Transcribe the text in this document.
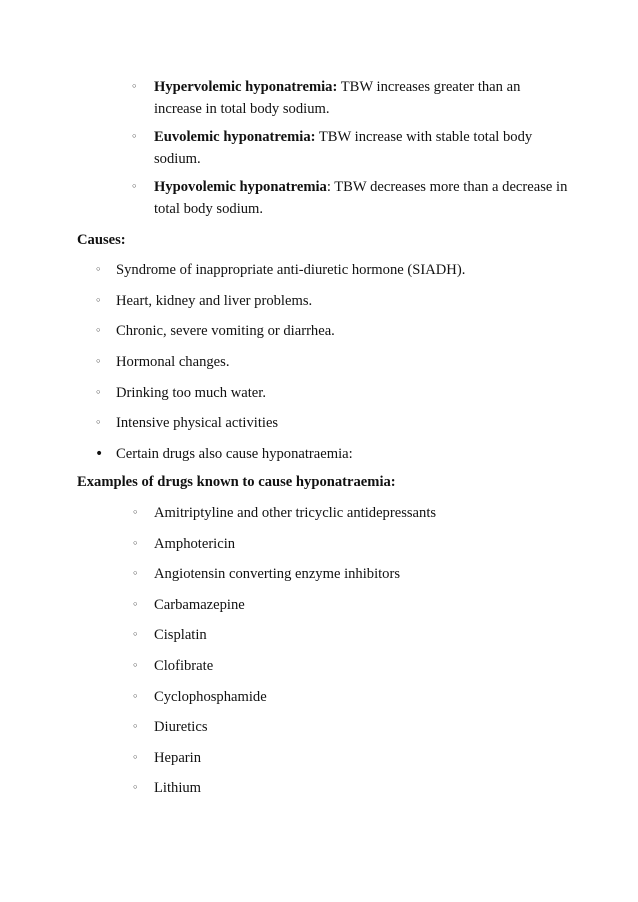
◦	Hypervolemic hyponatremia: TBW increases greater than an increase in total body sodium.
◦	Euvolemic hyponatremia: TBW increase with stable total body sodium.
◦	Hypovolemic hyponatremia: TBW decreases more than a decrease in total body sodium.
Causes:
◦ Syndrome of inappropriate anti-diuretic hormone (SIADH).
◦ Heart, kidney and liver problems.
◦ Chronic, severe vomiting or diarrhea.
◦ Hormonal changes.
◦ Drinking too much water.
◦ Intensive physical activities
• Certain drugs also cause hyponatraemia:
Examples of drugs known to cause hyponatraemia:
◦	Amitriptyline and other tricyclic antidepressants
◦	Amphotericin
◦	Angiotensin converting enzyme inhibitors
◦	Carbamazepine
◦	Cisplatin
◦	Clofibrate
◦	Cyclophosphamide
◦	Diuretics
◦	Heparin
◦	Lithium
